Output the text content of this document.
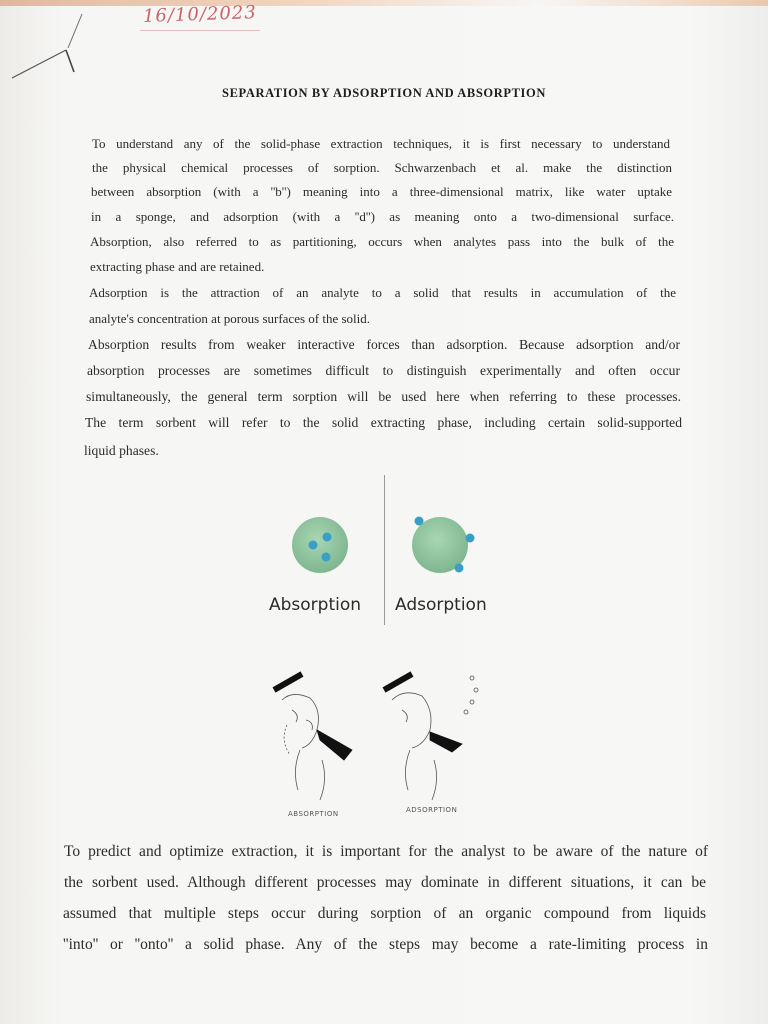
16/10/2023
SEPARATION BY ADSORPTION AND ABSORPTION
To understand any of the solid-phase extraction techniques, it is first necessary to understand
the physical chemical processes of sorption. Schwarzenbach et al. make the distinction
between absorption (with a ''b'') meaning into a three-dimensional matrix, like water uptake
in a sponge, and adsorption (with a ''d'') as meaning onto a two-dimensional surface.
Absorption, also referred to as partitioning, occurs when analytes pass into the bulk of the
extracting phase and are retained.
Adsorption is the attraction of an analyte to a solid that results in accumulation of the
analyte's concentration at porous surfaces of the solid.
Absorption results from weaker interactive forces than adsorption. Because adsorption and/or
absorption processes are sometimes difficult to distinguish experimentally and often occur
simultaneously, the general term sorption will be used here when referring to these processes.
The term sorbent will refer to the solid extracting phase, including certain solid-supported
liquid phases.
Absorption Adsorption
ABSORPTION	ADSORPTION
To predict and optimize extraction, it is important for the analyst to be aware of the nature of
the sorbent used. Although different processes may dominate in different situations, it can be
assumed that multiple steps occur during sorption of an organic compound from liquids
''into'' or ''onto'' a solid phase. Any of the steps may become a rate-limiting process in
